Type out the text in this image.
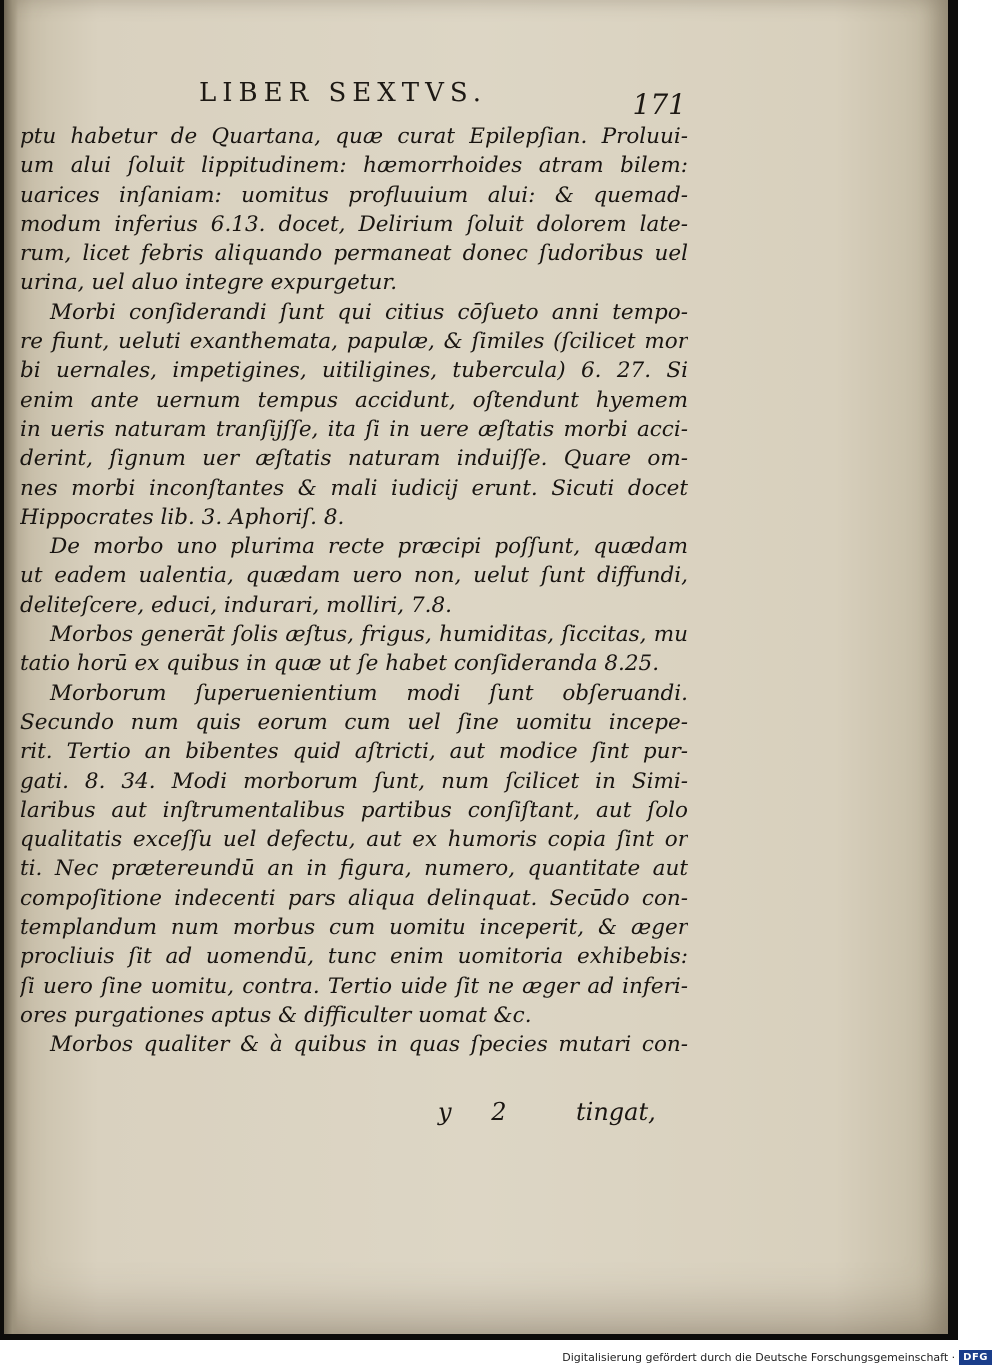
LIBER SEXTVS.	171
ptu habetur de Quartana, quæ curat Epilepſian. Proluui-
um alui ſoluit lippitudinem: hæmorrhoides atram bilem:
uarices inſaniam: uomitus profluuium alui: & quemad-
modum inferius 6.13. docet, Delirium ſoluit dolorem late-
rum, licet febris aliquando permaneat donec ſudoribus uel
urina, uel aluo integre expurgetur.
Morbi conſiderandi ſunt qui citius cōſueto anni tempo-
re fiunt, ueluti exanthemata, papulæ, & ſimiles (ſcilicet mor
bi uernales, impetigines, uitiligines, tubercula) 6. 27. Si
enim ante uernum tempus accidunt, oſtendunt hyemem
in ueris naturam tranſijſſe, ita ſi in uere æſtatis morbi acci-
derint, ſignum uer æſtatis naturam induiſſe. Quare om-
nes morbi inconſtantes & mali iudicij erunt. Sicuti docet
Hippocrates lib. 3. Aphoriſ. 8.
De morbo uno plurima recte præcipi poſſunt, quædam
ut eadem ualentia, quædam uero non, uelut ſunt diffundi,
deliteſcere, educi, indurari, molliri, 7.8.
Morbos generāt ſolis æſtus, frigus, humiditas, ſiccitas, mu
tatio horū ex quibus in quæ ut ſe habet conſideranda 8.25.
Morborum ſuperuenientium modi ſunt obſeruandi.
Secundo num quis eorum cum uel ſine uomitu incepe-
rit. Tertio an bibentes quid aſtricti, aut modice ſint pur-
gati. 8. 34. Modi morborum ſunt, num ſcilicet in Simi-
laribus aut inſtrumentalibus partibus conſiſtant, aut ſolo
qualitatis exceſſu uel defectu, aut ex humoris copia ſint or
ti. Nec prætereundū an in figura, numero, quantitate aut
compoſitione indecenti pars aliqua delinquat. Secūdo con-
templandum num morbus cum uomitu inceperit, & æger
procliuis ſit ad uomendū, tunc enim uomitoria exhibebis:
ſi uero ſine uomitu, contra. Tertio uide ſit ne æger ad inferi-
ores purgationes aptus & difficulter uomat &c.
Morbos qualiter & à quibus in quas ſpecies mutari con-
y 2 tingat,
Digitalisierung gefördert durch die Deutsche Forschungsgemeinschaft · DFG
